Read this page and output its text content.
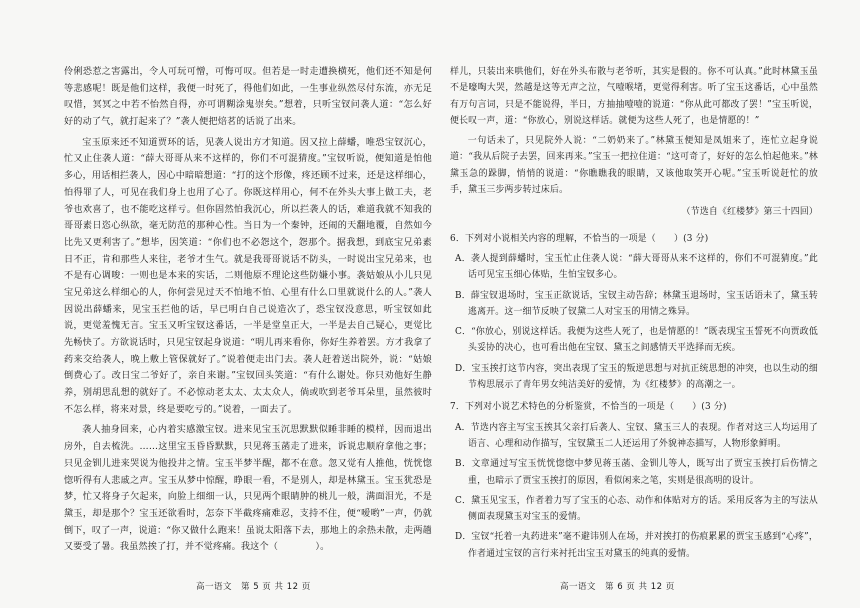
伶俐恐惹之害露出，令人可玩可憎，可悔可叹。但若是一时走遭换横死，他们还不知是何等悲感呢！既是他们这样，我便一时死了，得他们如此，一生事业纵然尽付东流，亦无足叹惜，冥冥之中若不怡然自得，亦可谓糊涂鬼崇矣。”想着，只听宝钗问袭人道：“怎么好好的动了气，就打起来了？”袭人便把焙茗的话说了出来。

宝玉原来还不知道贾环的话，见袭人说出方才知道。因又拉上薛蟠，唯恐宝钗沉心，忙又止住袭人道：“薛大哥哥从来不这样的，你们不可混猜度。”宝钗听说，便知道是怕他多心，用话相拦袭人，因心中暗暗想道：“打的这个形像，疼还顾不过来，还是这样细心，怕得罪了人，可见在我们身上也用了心了。你既这样用心，何不在外头大事上做工夫，老爷也欢喜了，也不能吃这样亏。但你固然怕我沉心，所以拦袭人的话，难道我就不知我的哥哥素日恣心纵欲，毫无防范的那种心性。当日为一个秦钟，还闹的天翻地覆，自然如今比先又更利害了。”想毕，因笑道：“你们也不必怨这个，怨那个。据我想，到底宝兄弟素日不正，肯和那些人来往，老爷才生气。就是我哥哥说话不防头，一时说出宝兄弟来，也不是有心调唆：一则也是本来的实话，二则他原不理论这些防嫌小事。袭姑娘从小儿只见宝兄弟这么样细心的人，你何尝见过天不怕地不怕、心里有什么口里就说什么的人。”袭人因说出薛蟠来，见宝玉拦他的话，早已明白自己说造次了，恐宝钗没意思，听宝钗如此说，更觉羞愧无言。宝玉又听宝钗这番话，一半是堂皇正大，一半是去自己疑心，更觉比先畅快了。方欲说话时，只见宝钗起身说道：“明儿再来看你，你好生养着罢。方才我拿了药来交给袭人，晚上敷上管保就好了。”说着便走出门去。袭人赶着送出院外，说：“姑娘倒费心了。改日宝二爷好了，亲自来谢。”宝钗回头笑道：“有什么谢处。你只劝他好生静养，别胡思乱想的就好了。不必惊动老太太、太太众人，倘或吹到老爷耳朵里，虽然彼时不怎么样，将来对景，终是要吃亏的。”说着，一面去了。

袭人抽身回来，心内着实感激宝钗。进来见宝玉沉思默默似睡非睡的模样，因而退出房外，自去梳洗。……这里宝玉昏昏默默，只见蒋玉菡走了进来，诉说忠顺府拿他之事；只见金钏儿进来哭说为他投井之情。宝玉半梦半醒，都不在意。忽又觉有人推他，恍恍惚惚听得有人悲戚之声。宝玉从梦中惊醒，睁眼一看，不是别人，却是林黛玉。宝玉犹恐是梦，忙又将身子欠起来，向脸上细细一认，只见两个眼睛肿的桃儿一般，满面泪光，不是黛玉，却是那个？宝玉还欲看时，怎奈下半截疼痛难忍，支持不住，便“嗳哟”一声，仍就倒下，叹了一声，说道：“你又做什么跑来！虽说太阳落下去，那地上的余热未散，走两趟又要受了暑。我虽然挨了打，并不觉疼痛。我这个（　　　　）。

样儿，只装出来哄他们，好在外头布散与老爷听，其实是假的。你不可认真。”此时林黛玉虽不是嚎啕大哭，然越是这等无声之泣，气噎喉堵，更觉得利害。听了宝玉这番话，心中虽然有万句言词，只是不能说得，半日，方抽抽噎噎的说道：“你从此可都改了罢！”宝玉听说，便长叹一声，道：“你放心，别说这样话。就便为这些人死了，也是情愿的！”

一句话未了，只见院外人说：“二奶奶来了。”林黛玉便知是凤姐来了，连忙立起身说道：“我从后院子去罢，回来再来。”宝玉一把拉住道：“这可奇了，好好的怎么怕起他来。”林黛玉急的跺脚，悄悄的说道：“你瞧瞧我的眼睛，又该他取笑开心呢。”宝玉听说赶忙的放手，黛玉三步两步转过床后。

（节选自《红楼梦》第三十四回）

6．下列对小说相关内容的理解，不恰当的一项是（　　）(3 分)

A．袭人提到薛蟠时，宝玉忙止住袭人说：“薛大哥哥从来不这样的，你们不可混猜度。”此话可见宝玉细心体贴，生怕宝钗多心。

B．薛宝钗退场时，宝玉正欲说话，宝钗主动告辞；林黛玉退场时，宝玉话语未了，黛玉转逃离开。这一细节反映了钗黛二人对宝玉的用情之殊异。

C．“你放心，别说这样话。我便为这些人死了，也是情愿的！”既表现宝玉誓死不向贾政低头妥协的决心，也可看出他在宝钗、黛玉之间感情天平选择而无疾。

D．宝玉挨打这节内容，突出表现了宝玉的叛逆思想与对抗正统思想的冲突，也以生动的细节构思展示了青年男女纯洁美好的爱情，为《红楼梦》的高潮之一。

7．下列对小说艺术特色的分析鉴赏，不恰当的一项是（　　）(3 分)

A．节选内容主写宝玉挨其父亲打后袭人、宝钗、黛玉三人的表现。作者对这三人均运用了语言、心理和动作描写，宝钗黛玉二人还运用了外貌神态描写，人物形象鲜明。

B．文章通过写宝玉恍恍惚惚中梦见蒋玉菡、金钏儿等人，既写出了贾宝玉挨打后伤情之重，也暗示了贾宝玉挨打的原因，看似闲来之笔，实则是很高明的设计。

C．黛玉见宝玉，作者着力写了宝玉的心态、动作和体贴对方的话。采用反客为主的写法从侧面表现黛玉对宝玉的爱情。

D．宝钗“托着一丸药进来”毫不避讳别人在场，并对挨打的伤痕累累的贾宝玉感到“心疼”，作者通过宝钗的言行来衬托出宝玉对黛玉的纯真的爱情。

高一语文　第 5 页 共 12 页	高一语文　第 6 页 共 12 页
